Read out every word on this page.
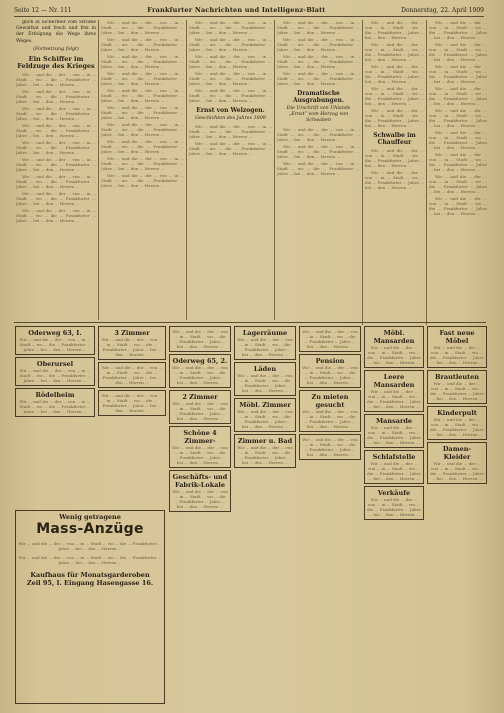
Seite 12 — Nr. 111	Frankfurter Nachrichten und Intelligenz-Blatt	Donnerstag, 22. April 1909

glich in Sicherheit vom Strome Gewalttat und frech und frei in der Erfolgung die Wege ihres Weges.

(Fortsetzung folgt)
Ein Schiffer im Feldzuge des Krieges

Wir ... und die ... der ... von ... in ... Stadt ... wo ... die ... Frankfurter ... Jahre ... bei ... den ... Herren ...

Wir ... und die ... der ... von ... in ... Stadt ... wo ... die ... Frankfurter ... Jahre ... bei ... den ... Herren ...

Wir ... und die ... der ... von ... in ... Stadt ... wo ... die ... Frankfurter ... Jahre ... bei ... den ... Herren ...

Wir ... und die ... der ... von ... in ... Stadt ... wo ... die ... Frankfurter ... Jahre ... bei ... den ... Herren ...

Wir ... und die ... der ... von ... in ... Stadt ... wo ... die ... Frankfurter ... Jahre ... bei ... den ... Herren ...

Wir ... und die ... der ... von ... in ... Stadt ... wo ... die ... Frankfurter ... Jahre ... bei ... den ... Herren ...

Wir ... und die ... der ... von ... in ... Stadt ... wo ... die ... Frankfurter ... Jahre ... bei ... den ... Herren ...

Wir ... und die ... der ... von ... in ... Stadt ... wo ... die ... Frankfurter ... Jahre ... bei ... den ... Herren ...

Wir ... und die ... der ... von ... in ... Stadt ... wo ... die ... Frankfurter ... Jahre ... bei ... den ... Herren ...

Wir ... und die ... der ... von ... in ... Stadt ... wo ... die ... Frankfurter ... Jahre ... bei ... den ... Herren ...

Wir ... und die ... der ... von ... in ... Stadt ... wo ... die ... Frankfurter ... Jahre ... bei ... den ... Herren ...

Wir ... und die ... der ... von ... in ... Stadt ... wo ... die ... Frankfurter ... Jahre ... bei ... den ... Herren ...

Wir ... und die ... der ... von ... in ... Stadt ... wo ... die ... Frankfurter ... Jahre ... bei ... den ... Herren ...

Wir ... und die ... der ... von ... in ... Stadt ... wo ... die ... Frankfurter ... Jahre ... bei ... den ... Herren ...

Wir ... und die ... der ... von ... in ... Stadt ... wo ... die ... Frankfurter ... Jahre ... bei ... den ... Herren ...

Wir ... und die ... der ... von ... in ... Stadt ... wo ... die ... Frankfurter ... Jahre ... bei ... den ... Herren ...

Wir ... und die ... der ... von ... in ... Stadt ... wo ... die ... Frankfurter ... Jahre ... bei ... den ... Herren ...

Wir ... und die ... der ... von ... in ... Stadt ... wo ... die ... Frankfurter ... Jahre ... bei ... den ... Herren ...

Wir ... und die ... der ... von ... in ... Stadt ... wo ... die ... Frankfurter ... Jahre ... bei ... den ... Herren ...

Wir ... und die ... der ... von ... in ... Stadt ... wo ... die ... Frankfurter ... Jahre ... bei ... den ... Herren ...

Wir ... und die ... der ... von ... in ... Stadt ... wo ... die ... Frankfurter ... Jahre ... bei ... den ... Herren ...

Wir ... und die ... der ... von ... in ... Stadt ... wo ... die ... Frankfurter ... Jahre ... bei ... den ... Herren ...

Wir ... und die ... der ... von ... in ... Stadt ... wo ... die ... Frankfurter ... Jahre ... bei ... den ... Herren ...

Wir ... und die ... der ... von ... in ... Stadt ... wo ... die ... Frankfurter ... Jahre ... bei ... den ... Herren ...

Ernst von Welzogen.
Geschichten des Jahres 1809

Wir ... und die ... der ... von ... in ... Stadt ... wo ... die ... Frankfurter ... Jahre ... bei ... den ... Herren ...

Wir ... und die ... der ... von ... in ... Stadt ... wo ... die ... Frankfurter ... Jahre ... bei ... den ... Herren ...

Wir ... und die ... der ... von ... in ... Stadt ... wo ... die ... Frankfurter ... Jahre ... bei ... den ... Herren ...

Wir ... und die ... der ... von ... in ... Stadt ... wo ... die ... Frankfurter ... Jahre ... bei ... den ... Herren ...

Wir ... und die ... der ... von ... in ... Stadt ... wo ... die ... Frankfurter ... Jahre ... bei ... den ... Herren ...

Wir ... und die ... der ... von ... in ... Stadt ... wo ... die ... Frankfurter ... Jahre ... bei ... den ... Herren ...

Dramatische Ausgrabungen.
Die Urschrift von Uhlands „Ernst“ vom Herzog von Schwaben

Wir ... und die ... der ... von ... in ... Stadt ... wo ... die ... Frankfurter ... Jahre ... bei ... den ... Herren ...

Wir ... und die ... der ... von ... in ... Stadt ... wo ... die ... Frankfurter ... Jahre ... bei ... den ... Herren ...

Wir ... und die ... der ... von ... in ... Stadt ... wo ... die ... Frankfurter ... Jahre ... bei ... den ... Herren ...

Wir ... und die ... der ... von ... in ... Stadt ... wo ... die ... Frankfurter ... Jahre ... bei ... den ... Herren ...

Wir ... und die ... der ... von ... in ... Stadt ... wo ... die ... Frankfurter ... Jahre ... bei ... den ... Herren ...

Wir ... und die ... der ... von ... in ... Stadt ... wo ... die ... Frankfurter ... Jahre ... bei ... den ... Herren ...

Wir ... und die ... der ... von ... in ... Stadt ... wo ... die ... Frankfurter ... Jahre ... bei ... den ... Herren ...

Wir ... und die ... der ... von ... in ... Stadt ... wo ... die ... Frankfurter ... Jahre ... bei ... den ... Herren ...

Schwalbe im Chauffeur

Wir ... und die ... der ... von ... in ... Stadt ... wo ... die ... Frankfurter ... Jahre ... bei ... den ... Herren ...

Wir ... und die ... der ... von ... in ... Stadt ... wo ... die ... Frankfurter ... Jahre ... bei ... den ... Herren ...

Wir ... und die ... der ... von ... in ... Stadt ... wo ... die ... Frankfurter ... Jahre ... bei ... den ... Herren ...

Wir ... und die ... der ... von ... in ... Stadt ... wo ... die ... Frankfurter ... Jahre ... bei ... den ... Herren ...

Wir ... und die ... der ... von ... in ... Stadt ... wo ... die ... Frankfurter ... Jahre ... bei ... den ... Herren ...

Wir ... und die ... der ... von ... in ... Stadt ... wo ... die ... Frankfurter ... Jahre ... bei ... den ... Herren ...

Wir ... und die ... der ... von ... in ... Stadt ... wo ... die ... Frankfurter ... Jahre ... bei ... den ... Herren ...

Wir ... und die ... der ... von ... in ... Stadt ... wo ... die ... Frankfurter ... Jahre ... bei ... den ... Herren ...

Wir ... und die ... der ... von ... in ... Stadt ... wo ... die ... Frankfurter ... Jahre ... bei ... den ... Herren ...

Wir ... und die ... der ... von ... in ... Stadt ... wo ... die ... Frankfurter ... Jahre ... bei ... den ... Herren ...

Wir ... und die ... der ... von ... in ... Stadt ... wo ... die ... Frankfurter ... Jahre ... bei ... den ... Herren ...

Oderweg 63, I.
Wir ... und die ... der ... von ... in ... Stadt ... wo ... die ... Frankfurter ... Jahre ... bei ... den ... Herren ...
Oberursel
Wir ... und die ... der ... von ... in ... Stadt ... wo ... die ... Frankfurter ... Jahre ... bei ... den ... Herren ...
Rödelheim
Wir ... und die ... der ... von ... in ... Stadt ... wo ... die ... Frankfurter ... Jahre ... bei ... den ... Herren ...
3 Zimmer
Wir ... und die ... der ... von ... in ... Stadt ... wo ... die ... Frankfurter ... Jahre ... bei ... den ... Herren ...
Wir ... und die ... der ... von ... in ... Stadt ... wo ... die ... Frankfurter ... Jahre ... bei ... den ... Herren ...
Wir ... und die ... der ... von ... in ... Stadt ... wo ... die ... Frankfurter ... Jahre ... bei ... den ... Herren ...
Wir ... und die ... der ... von ... in ... Stadt ... wo ... die ... Frankfurter ... Jahre ... bei ... den ... Herren ...
Oderweg 65, 2.
Wir ... und die ... der ... von ... in ... Stadt ... wo ... die ... Frankfurter ... Jahre ... bei ... den ... Herren ...
2 Zimmer
Wir ... und die ... der ... von ... in ... Stadt ... wo ... die ... Frankfurter ... Jahre ... bei ... den ... Herren ...
Schöne 4 Zimmer-
Wir ... und die ... der ... von ... in ... Stadt ... wo ... die ... Frankfurter ... Jahre ... bei ... den ... Herren ...
Geschäfts- und Fabrik-Lokale
Wir ... und die ... der ... von ... in ... Stadt ... wo ... die ... Frankfurter ... Jahre ... bei ... den ... Herren ...
Lagerräume
Wir ... und die ... der ... von ... in ... Stadt ... wo ... die ... Frankfurter ... Jahre ... bei ... den ... Herren ...
Läden
Wir ... und die ... der ... von ... in ... Stadt ... wo ... die ... Frankfurter ... Jahre ... bei ... den ... Herren ...
Möbl. Zimmer
Wir ... und die ... der ... von ... in ... Stadt ... wo ... die ... Frankfurter ... Jahre ... bei ... den ... Herren ...
Zimmer u. Bad
Wir ... und die ... der ... von ... in ... Stadt ... wo ... die ... Frankfurter ... Jahre ... bei ... den ... Herren ...
Wir ... und die ... der ... von ... in ... Stadt ... wo ... die ... Frankfurter ... Jahre ... bei ... den ... Herren ...
Pension
Wir ... und die ... der ... von ... in ... Stadt ... wo ... die ... Frankfurter ... Jahre ... bei ... den ... Herren ...
Zu mieten gesucht
Wir ... und die ... der ... von ... in ... Stadt ... wo ... die ... Frankfurter ... Jahre ... bei ... den ... Herren ...
Wir ... und die ... der ... von ... in ... Stadt ... wo ... die ... Frankfurter ... Jahre ... bei ... den ... Herren ...
Möbl. Mansarden
Wir ... und die ... der ... von ... in ... Stadt ... wo ... die ... Frankfurter ... Jahre ... bei ... den ... Herren ...
Leere Mansarden
Wir ... und die ... der ... von ... in ... Stadt ... wo ... die ... Frankfurter ... Jahre ... bei ... den ... Herren ...
Mansarde
Wir ... und die ... der ... von ... in ... Stadt ... wo ... die ... Frankfurter ... Jahre ... bei ... den ... Herren ...
Schlafstelle
Wir ... und die ... der ... von ... in ... Stadt ... wo ... die ... Frankfurter ... Jahre ... bei ... den ... Herren ...
Verkäufe
Wir ... und die ... der ... von ... in ... Stadt ... wo ... die ... Frankfurter ... Jahre ... bei ... den ... Herren ...
Fast neue Möbel
Wir ... und die ... der ... von ... in ... Stadt ... wo ... die ... Frankfurter ... Jahre ... bei ... den ... Herren ...
Brautleuten
Wir ... und die ... der ... von ... in ... Stadt ... wo ... die ... Frankfurter ... Jahre ... bei ... den ... Herren ...
Kinderpult
Wir ... und die ... der ... von ... in ... Stadt ... wo ... die ... Frankfurter ... Jahre ... bei ... den ... Herren ...
Damen-Kleider
Wir ... und die ... der ... von ... in ... Stadt ... wo ... die ... Frankfurter ... Jahre ... bei ... den ... Herren ...
Wenig getragene
Mass-Anzüge
Wir ... und die ... der ... von ... in ... Stadt ... wo ... die ... Frankfurter ... Jahre ... bei ... den ... Herren ...
Wir ... und die ... der ... von ... in ... Stadt ... wo ... die ... Frankfurter ... Jahre ... bei ... den ... Herren ...
Kaufhaus für Monatsgarderoben
Zeil 95, I. Eingang Hasengasse 16.
